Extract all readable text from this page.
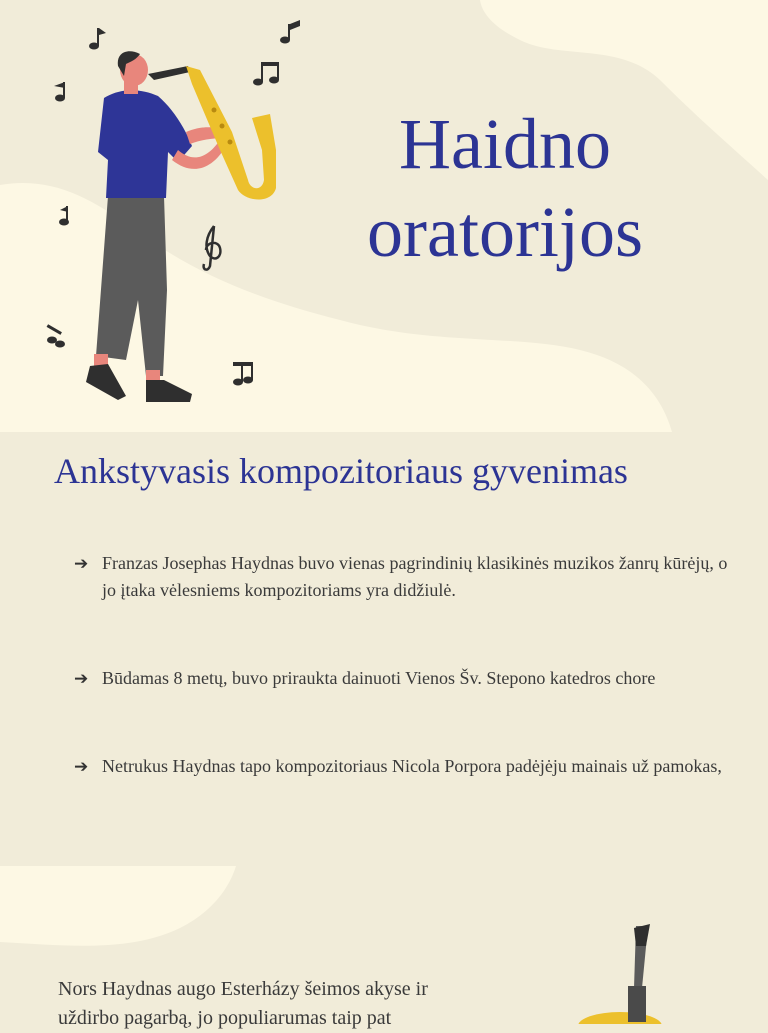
Haidno
oratorijos
Ankstyvasis kompozitoriaus gyvenimas
➔ Franzas Josephas Haydnas buvo vienas pagrindinių klasikinės muzikos žanrų kūrėjų, o jo įtaka vėlesniems kompozitoriams yra didžiulė.
➔ Būdamas 8 metų, buvo priraukta dainuoti Vienos Šv. Stepono katedros chore
➔ Netrukus Haydnas tapo kompozitoriaus Nicola Porpora padėjėju mainais už pamokas,
Nors Haydnas augo Esterházy šeimos akyse ir uždirbo pagarbą, jo populiarumas taip pat
